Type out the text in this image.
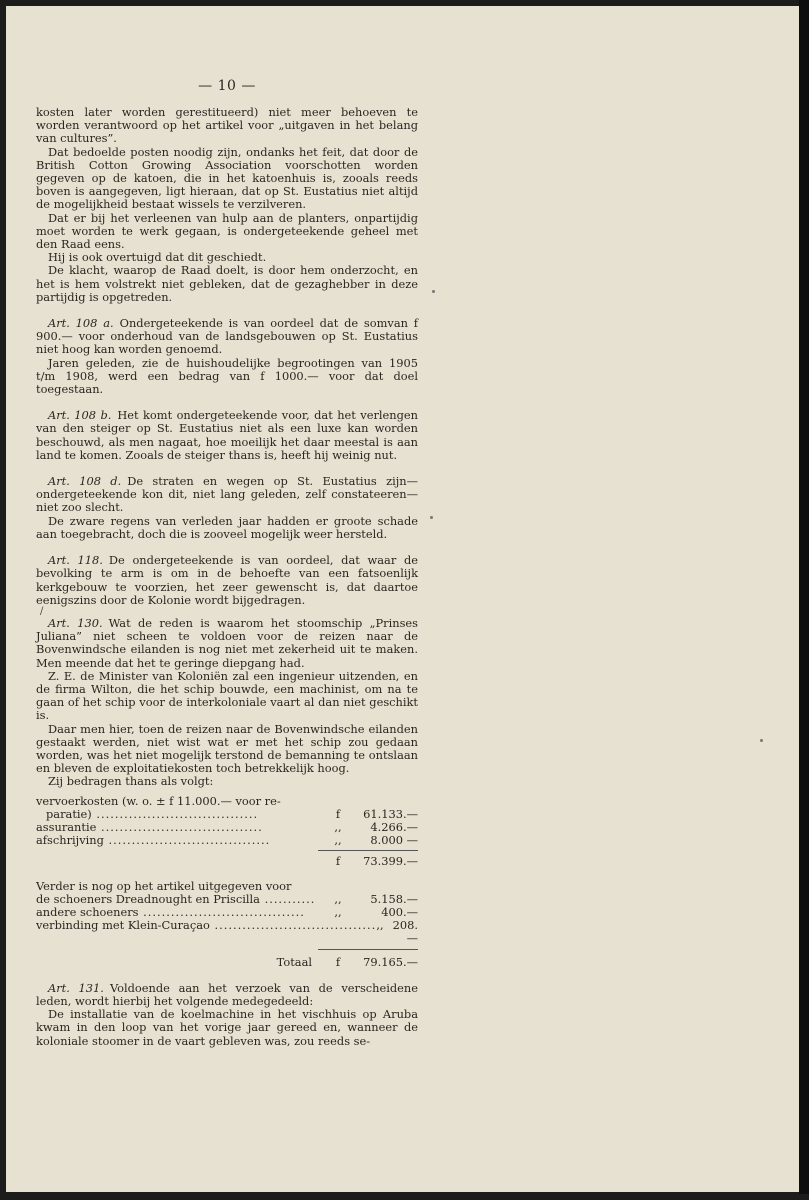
— 10 —
kosten later worden gerestitueerd) niet meer behoeven te worden verantwoord op het artikel voor „uitgaven in het belang van cultures”.
Dat bedoelde posten noodig zijn, ondanks het feit, dat door de British Cotton Growing Association voorschotten worden gegeven op de katoen, die in het katoenhuis is, zooals reeds boven is aangegeven, ligt hieraan, dat op St. Eustatius niet altijd de mogelijkheid bestaat wissels te verzilveren.
Dat er bij het verleenen van hulp aan de planters, onpartijdig moet worden te werk gegaan, is ondergeteekende geheel met den Raad eens.
Hij is ook overtuigd dat dit geschiedt.
De klacht, waarop de Raad doelt, is door hem onderzocht, en het is hem volstrekt niet gebleken, dat de gezaghebber in deze partijdig is opgetreden.
Art. 108 a. Ondergeteekende is van oordeel dat de somvan f 900.— voor onderhoud van de landsgebouwen op St. Eustatius niet hoog kan worden genoemd.
Jaren geleden, zie de huishoudelijke begrootingen van 1905 t/m 1908, werd een bedrag van f 1000.— voor dat doel toegestaan.
Art. 108 b. Het komt ondergeteekende voor, dat het verlengen van den steiger op St. Eustatius niet als een luxe kan worden beschouwd, als men nagaat, hoe moeilijk het daar meestal is aan land te komen. Zooals de steiger thans is, heeft hij weinig nut.
Art. 108 d. De straten en wegen op St. Eustatius zijn— ondergeteekende kon dit, niet lang geleden, zelf constateeren— niet zoo slecht.
De zware regens van verleden jaar hadden er groote schade aan toegebracht, doch die is zooveel mogelijk weer hersteld.
Art. 118. De ondergeteekende is van oordeel, dat waar de bevolking te arm is om in de behoefte van een fatsoenlijk kerkgebouw te voorzien, het zeer gewenscht is, dat daartoe eenigszins door de Kolonie wordt bijgedragen.
/
Art. 130. Wat de reden is waarom het stoomschip „Prinses Juliana” niet scheen te voldoen voor de reizen naar de Bovenwindsche eilanden is nog niet met zekerheid uit te maken. Men meende dat het te geringe diepgang had.
Z. E. de Minister van Koloniën zal een ingenieur uitzenden, en de firma Wilton, die het schip bouwde, een machinist, om na te gaan of het schip voor de interkoloniale vaart al dan niet geschikt is.
Daar men hier, toen de reizen naar de Bovenwindsche eilanden gestaakt werden, niet wist wat er met het schip zou gedaan worden, was het niet mogelijk terstond de bemanning te ontslaan en bleven de exploitatiekosten toch betrekkelijk hoog.
Zij bedragen thans als volgt:
vervoerkosten (w. o. ± f 11.000.— voor re-
paratie) ...................................	f	61.133.—
assurantie ...................................	,,	4.266.—
afschrijving ...................................	,,	8.000 —
f	73.399.—
Verder is nog op het artikel uitgegeven voor
de schoeners Dreadnought en Priscilla ...........	,,	5.158.—
andere schoeners ...................................	,,	400.—
verbinding met Klein-Curaçao ................................... ,, 208.—
Totaal	f	79.165.—
Art. 131. Voldoende aan het verzoek van de verscheidene leden, wordt hierbij het volgende medegedeeld:
De installatie van de koelmachine in het vischhuis op Aruba kwam in den loop van het vorige jaar gereed en, wanneer de koloniale stoomer in de vaart gebleven was, zou reeds se-
